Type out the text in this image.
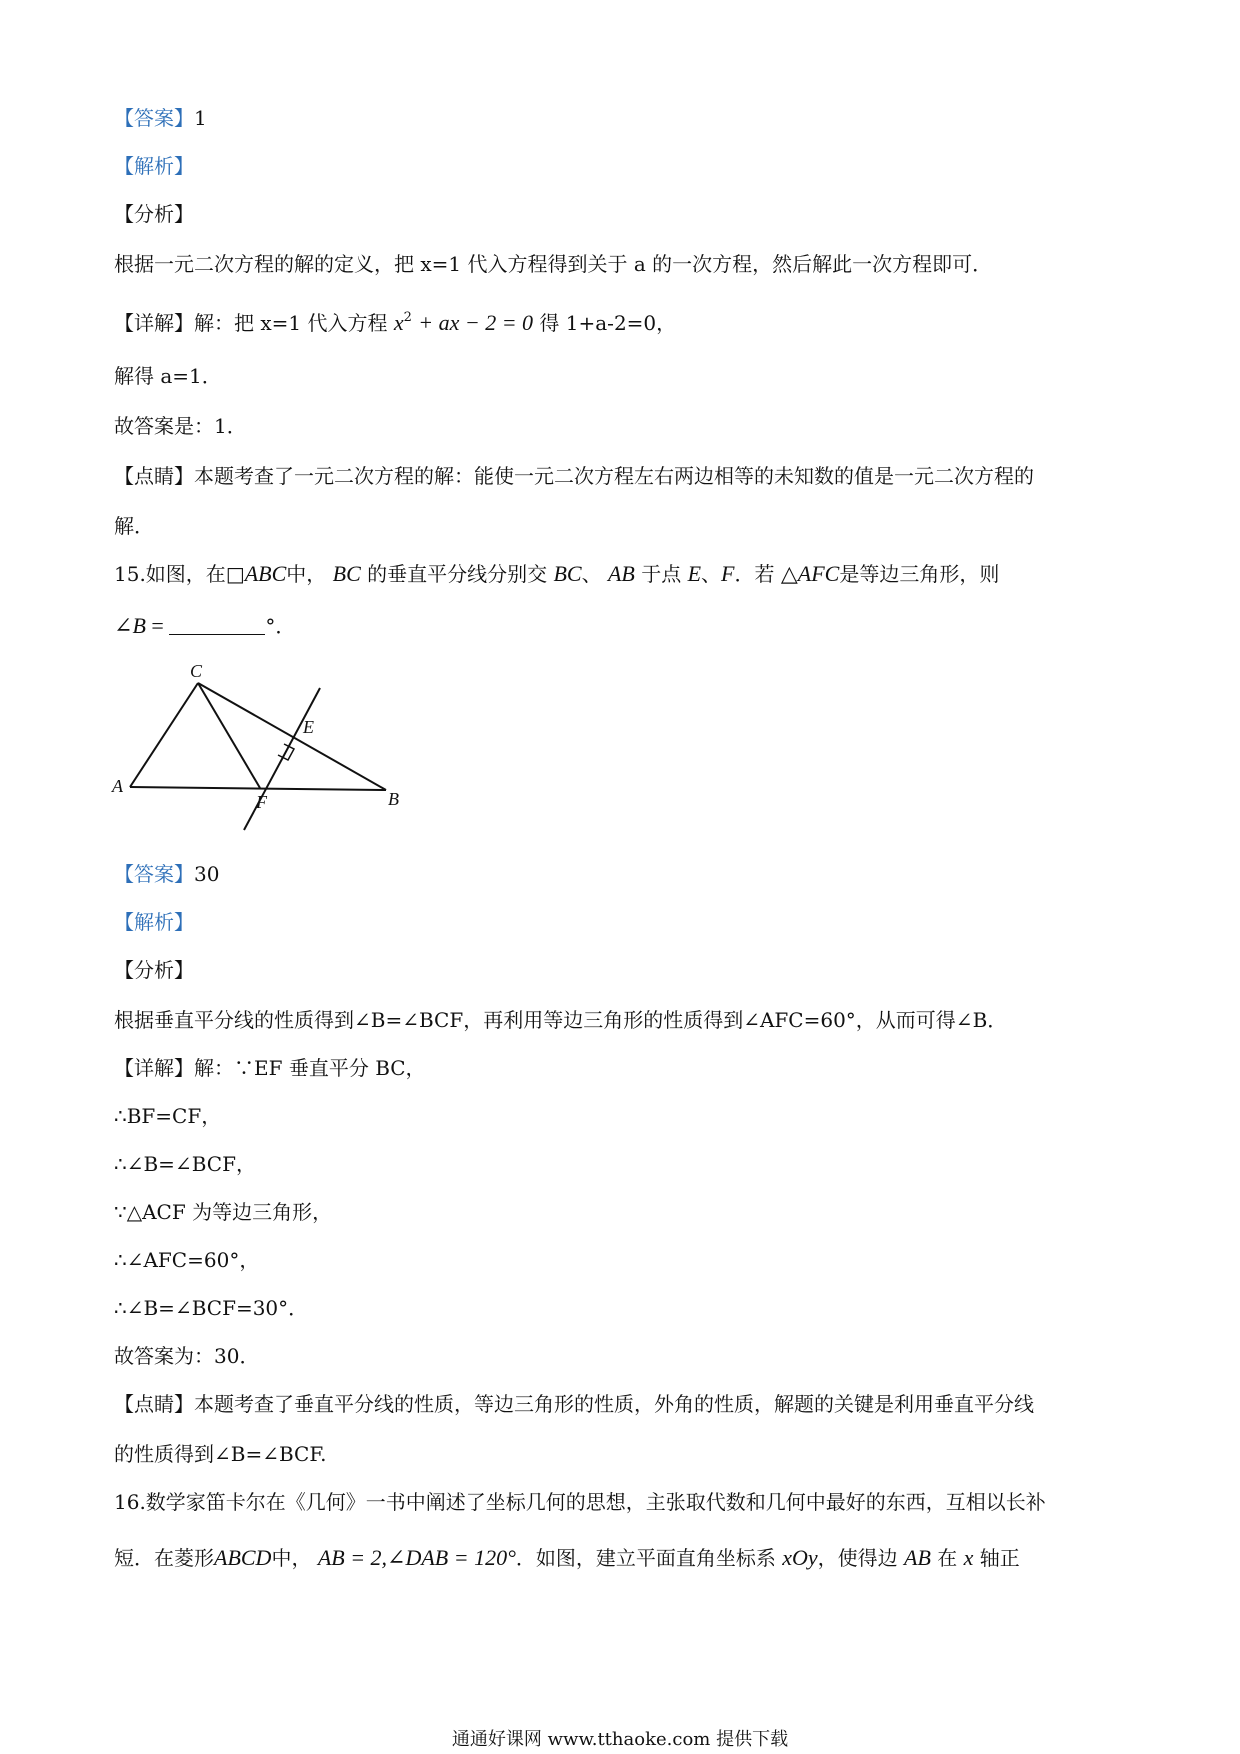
【答案】1
【解析】
【分析】
根据一元二次方程的解的定义，把 x=1 代入方程得到关于 a 的一次方程，然后解此一次方程即可．
【详解】解：把 x=1 代入方程 $x^2$ + ax − 2 = 0 得 1+a-2=0，
解得 a=1．
故答案是：1．
【点睛】本题考查了一元二次方程的解：能使一元二次方程左右两边相等的未知数的值是一元二次方程的
解．
15.如图，在□ABC中， BC 的垂直平分线分别交 BC、 AB 于点 E、F．若 △AFC是等边三角形，则
∠B =	°．
C
A
B
E
F
【答案】30
【解析】
【分析】
根据垂直平分线的性质得到∠B=∠BCF，再利用等边三角形的性质得到∠AFC=60°，从而可得∠B．
【详解】解：∵EF 垂直平分 BC，
∴BF=CF，
∴∠B=∠BCF，
∵△ACF 为等边三角形，
∴∠AFC=60°，
∴∠B=∠BCF=30°．
故答案为：30．
【点睛】本题考查了垂直平分线的性质，等边三角形的性质，外角的性质，解题的关键是利用垂直平分线
的性质得到∠B=∠BCF.
16.数学家笛卡尔在《几何》一书中阐述了坐标几何的思想，主张取代数和几何中最好的东西，互相以长补
短．在菱形ABCD中， AB = 2,∠DAB = 120°．如图，建立平面直角坐标系 xOy，使得边 AB 在 x 轴正
通通好课网 www.tthaoke.com 提供下载
